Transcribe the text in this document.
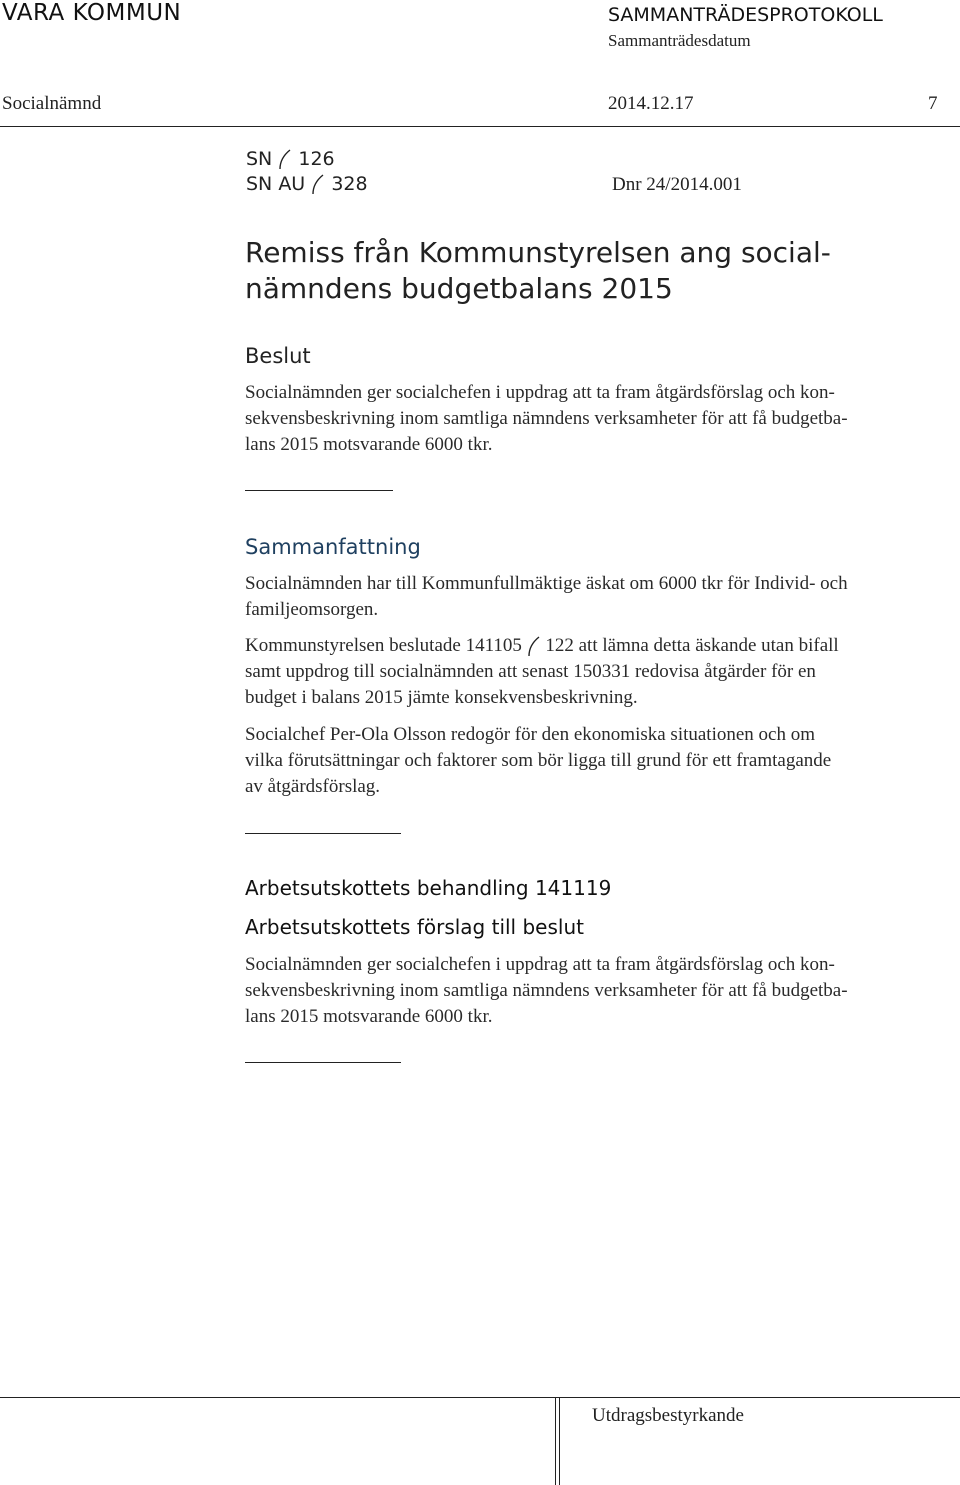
VARA KOMMUN	SAMMANTRÄDESPROTOKOLL
Sammanträdesdatum
Socialnämnd	2014.12.17	7
SN 126
SN AU 328	Dnr 24/2014.001
Remiss från Kommunstyrelsen ang social-
nämndens budgetbalans 2015
Beslut
Socialnämnden ger socialchefen i uppdrag att ta fram åtgärdsförslag och kon-
sekvensbeskrivning inom samtliga nämndens verksamheter för att få budgetba-
lans 2015 motsvarande 6000 tkr.
Sammanfattning
Socialnämnden har till Kommunfullmäktige äskat om 6000 tkr för Individ- och
familjeomsorgen.
Kommunstyrelsen beslutade 141105 122 att lämna detta äskande utan bifall
samt uppdrog till socialnämnden att senast 150331 redovisa åtgärder för en
budget i balans 2015 jämte konsekvensbeskrivning.
Socialchef Per-Ola Olsson redogör för den ekonomiska situationen och om
vilka förutsättningar och faktorer som bör ligga till grund för ett framtagande
av åtgärdsförslag.
Arbetsutskottets behandling 141119
Arbetsutskottets förslag till beslut
Socialnämnden ger socialchefen i uppdrag att ta fram åtgärdsförslag och kon-
sekvensbeskrivning inom samtliga nämndens verksamheter för att få budgetba-
lans 2015 motsvarande 6000 tkr.
Utdragsbestyrkande
